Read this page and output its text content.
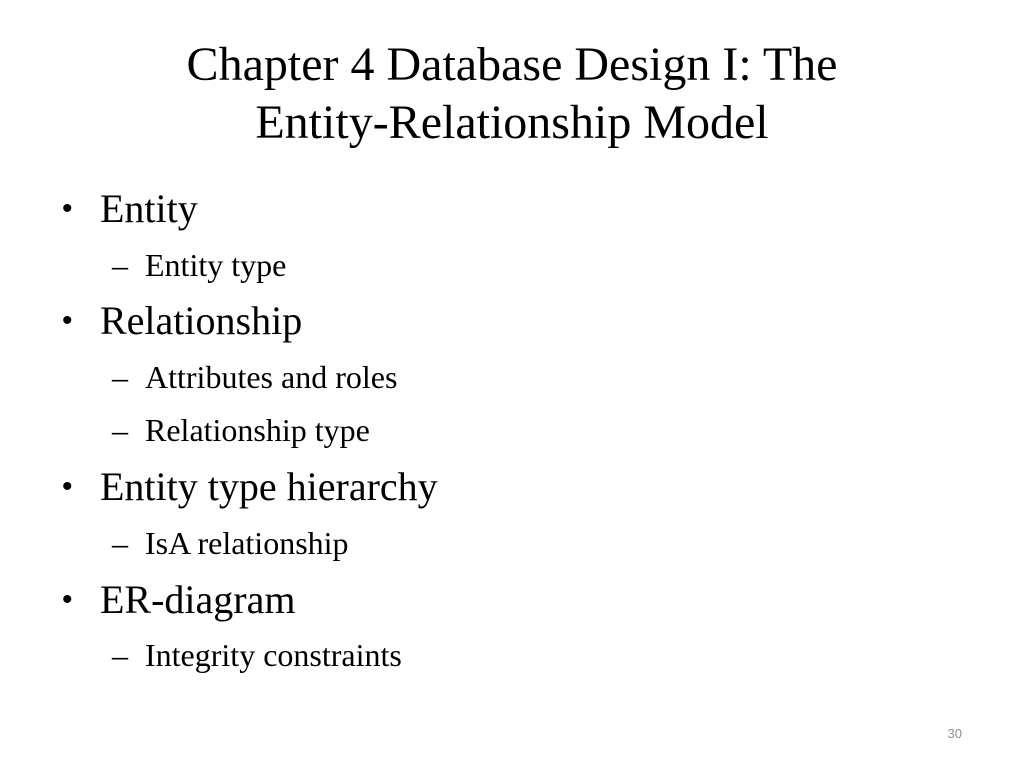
Chapter 4 Database Design I: The
Entity-Relationship Model
• Entity
– Entity type
• Relationship
– Attributes and roles
– Relationship type
• Entity type hierarchy
– IsA relationship
• ER-diagram
– Integrity constraints
30
